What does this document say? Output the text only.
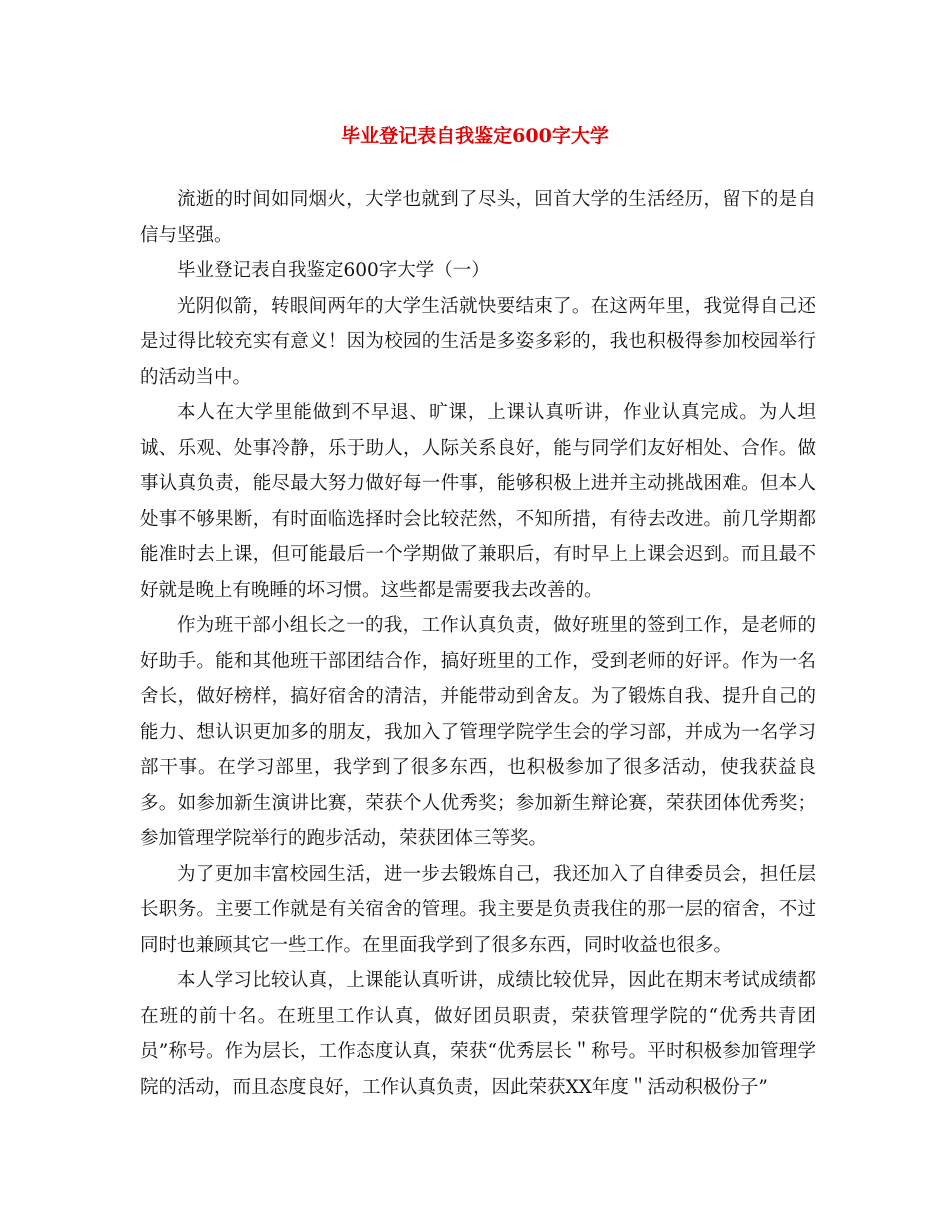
毕业登记表自我鉴定600字大学

流逝的时间如同烟火，大学也就到了尽头，回首大学的生活经历，留下的是自信与坚强。

毕业登记表自我鉴定600字大学（一）

光阴似箭，转眼间两年的大学生活就快要结束了。在这两年里，我觉得自己还是过得比较充实有意义！因为校园的生活是多姿多彩的，我也积极得参加校园举行的活动当中。

本人在大学里能做到不早退、旷课，上课认真听讲，作业认真完成。为人坦诚、乐观、处事冷静，乐于助人，人际关系良好，能与同学们友好相处、合作。做事认真负责，能尽最大努力做好每一件事，能够积极上进并主动挑战困难。但本人处事不够果断，有时面临选择时会比较茫然，不知所措，有待去改进。前几学期都能准时去上课，但可能最后一个学期做了兼职后，有时早上上课会迟到。而且最不好就是晚上有晚睡的坏习惯。这些都是需要我去改善的。

作为班干部小组长之一的我，工作认真负责，做好班里的签到工作，是老师的好助手。能和其他班干部团结合作，搞好班里的工作，受到老师的好评。作为一名舍长，做好榜样，搞好宿舍的清洁，并能带动到舍友。为了锻炼自我、提升自己的能力、想认识更加多的朋友，我加入了管理学院学生会的学习部，并成为一名学习部干事。在学习部里，我学到了很多东西，也积极参加了很多活动，使我获益良多。如参加新生演讲比赛，荣获个人优秀奖；参加新生辩论赛，荣获团体优秀奖；参加管理学院举行的跑步活动，荣获团体三等奖。

为了更加丰富校园生活，进一步去锻炼自己，我还加入了自律委员会，担任层长职务。主要工作就是有关宿舍的管理。我主要是负责我住的那一层的宿舍，不过同时也兼顾其它一些工作。在里面我学到了很多东西，同时收益也很多。

本人学习比较认真，上课能认真听讲，成绩比较优异，因此在期末考试成绩都在班的前十名。在班里工作认真，做好团员职责，荣获管理学院的“优秀共青团员”称号。作为层长，工作态度认真，荣获“优秀层长＂称号。平时积极参加管理学院的活动，而且态度良好，工作认真负责，因此荣获XX年度＂活动积极份子”
